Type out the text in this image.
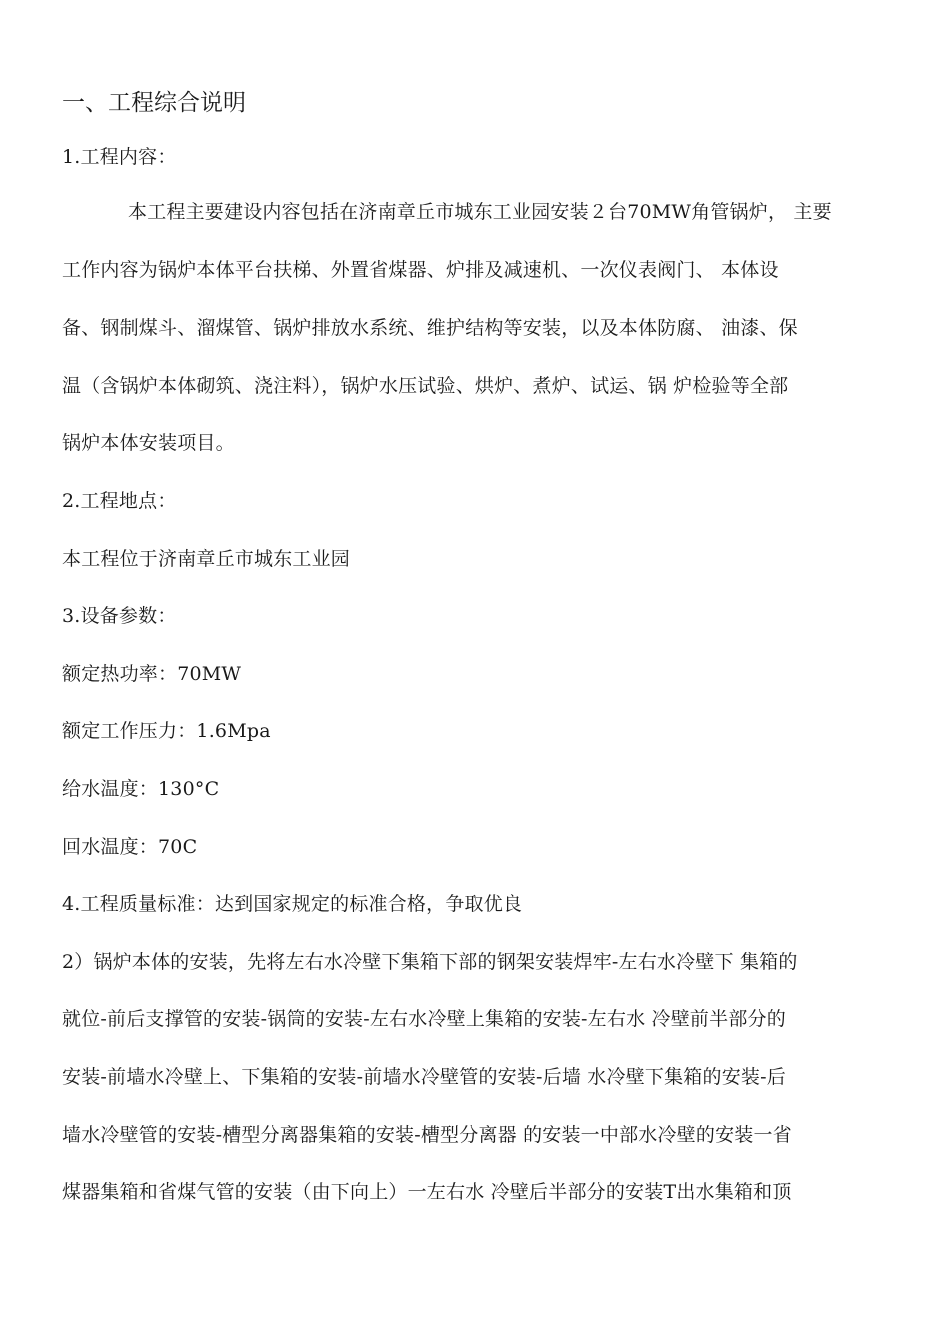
一、工程综合说明
1.工程内容：
本工程主要建设内容包括在济南章丘市城东工业园安装２台70MW角管锅炉， 主要
工作内容为锅炉本体平台扶梯、外置省煤器、炉排及减速机、一次仪表阀门、 本体设
备、钢制煤斗、溜煤管、锅炉排放水系统、维护结构等安装，以及本体防腐、 油漆、保
温（含锅炉本体砌筑、浇注料），锅炉水压试验、烘炉、煮炉、试运、锅 炉检验等全部
锅炉本体安装项目。
2.工程地点：
本工程位于济南章丘市城东工业园
3.设备参数：
额定热功率：70MW
额定工作压力：1.6Mpa
给水温度：130°C
回水温度：70C
4.工程质量标准：达到国家规定的标准合格，争取优良
2）锅炉本体的安装，先将左右水冷壁下集箱下部的钢架安装焊牢-左右水冷壁下 集箱的
就位-前后支撑管的安装-锅筒的安装-左右水冷壁上集箱的安装-左右水 冷壁前半部分的
安装-前墙水冷壁上、下集箱的安装-前墙水冷壁管的安装-后墙 水冷壁下集箱的安装-后
墙水冷壁管的安装-槽型分离器集箱的安装-槽型分离器 的安装一中部水冷壁的安装一省
煤器集箱和省煤气管的安装（由下向上）一左右水 冷壁后半部分的安装T出水集箱和顶
